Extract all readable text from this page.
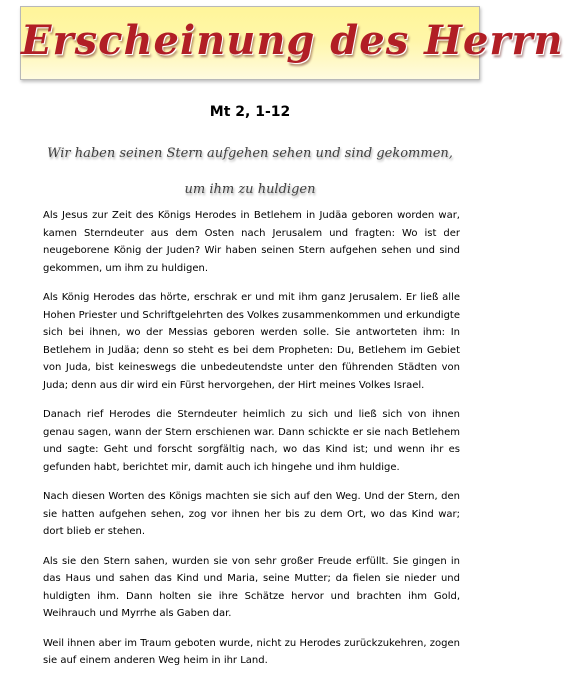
Erscheinung des Herrn
Mt 2, 1-12
Wir haben seinen Stern aufgehen sehen und sind gekommen, um ihm zu huldigen

Als Jesus zur Zeit des Königs Herodes in Betlehem in Judäa geboren worden war, kamen Sterndeuter aus dem Osten nach Jerusalem und fragten: Wo ist der neugeborene König der Juden? Wir haben seinen Stern aufgehen sehen und sind gekommen, um ihm zu huldigen.

Als König Herodes das hörte, erschrak er und mit ihm ganz Jerusalem. Er ließ alle Hohen Priester und Schriftgelehrten des Volkes zusammenkommen und erkundigte sich bei ihnen, wo der Messias geboren werden solle. Sie antworteten ihm: In Betlehem in Judäa; denn so steht es bei dem Propheten: Du, Betlehem im Gebiet von Juda, bist keineswegs die unbedeutendste unter den führenden Städten von Juda; denn aus dir wird ein Fürst hervorgehen, der Hirt meines Volkes Israel.

Danach rief Herodes die Sterndeuter heimlich zu sich und ließ sich von ihnen genau sagen, wann der Stern erschienen war. Dann schickte er sie nach Betlehem und sagte: Geht und forscht sorgfältig nach, wo das Kind ist; und wenn ihr es gefunden habt, berichtet mir, damit auch ich hingehe und ihm huldige.

Nach diesen Worten des Königs machten sie sich auf den Weg. Und der Stern, den sie hatten aufgehen sehen, zog vor ihnen her bis zu dem Ort, wo das Kind war; dort blieb er stehen.

Als sie den Stern sahen, wurden sie von sehr großer Freude erfüllt. Sie gingen in das Haus und sahen das Kind und Maria, seine Mutter; da fielen sie nieder und huldigten ihm. Dann holten sie ihre Schätze hervor und brachten ihm Gold, Weihrauch und Myrrhe als Gaben dar.

Weil ihnen aber im Traum geboten wurde, nicht zu Herodes zurückzukehren, zogen sie auf einem anderen Weg heim in ihr Land.
